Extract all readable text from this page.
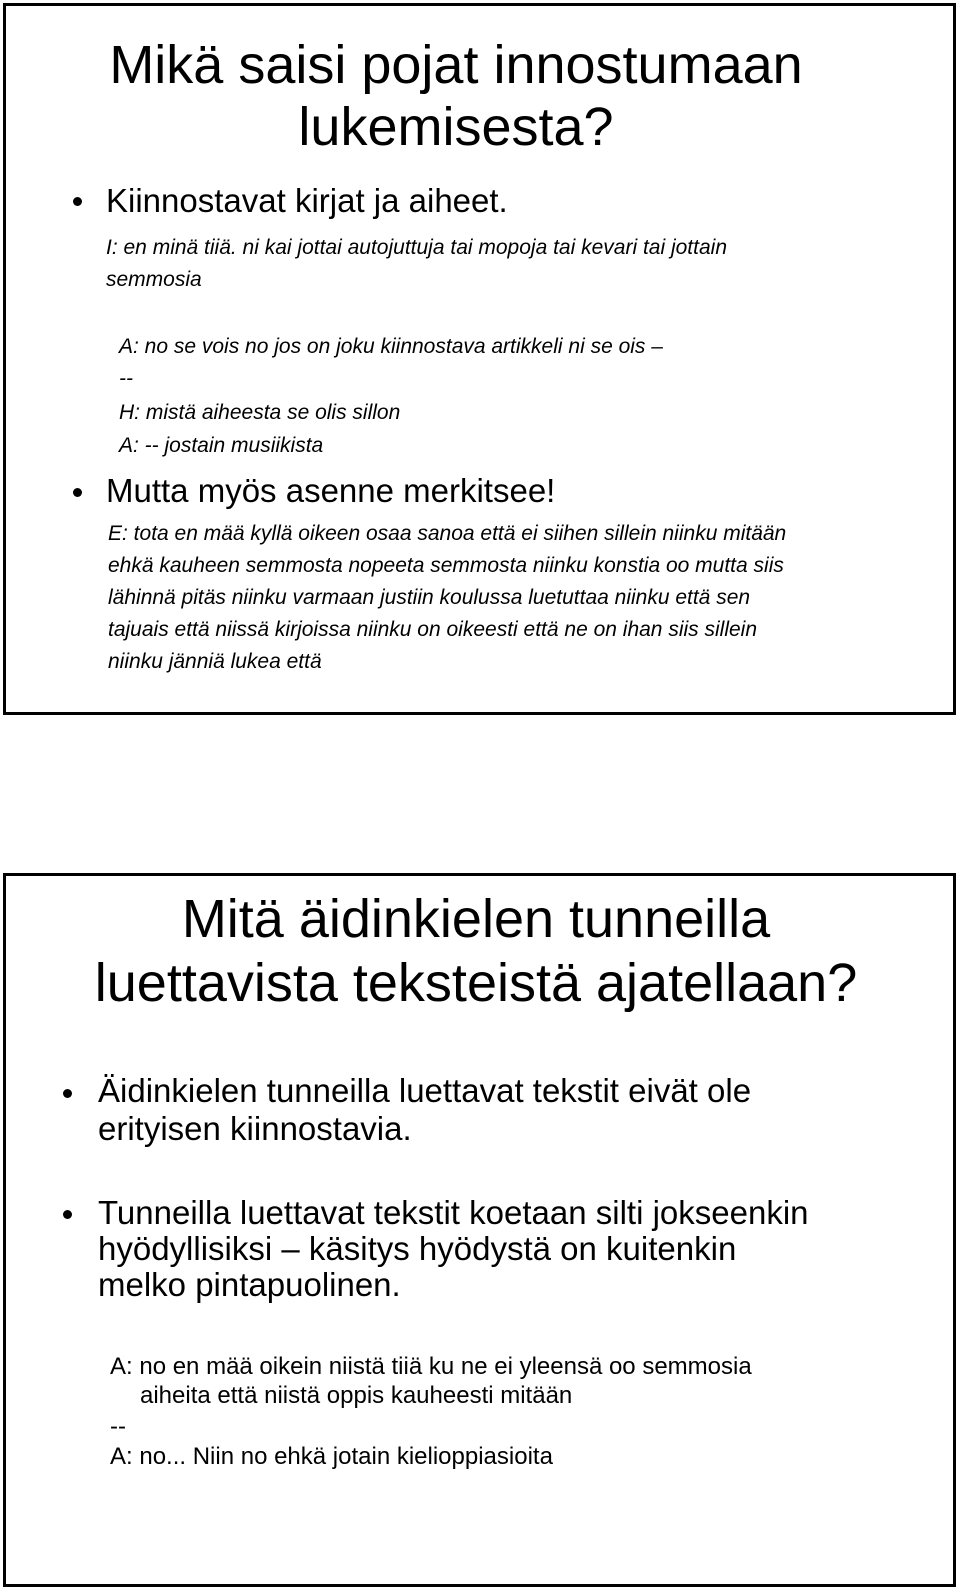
Mikä saisi pojat innostumaan
lukemisesta?
Kiinnostavat kirjat ja aiheet.
I: en minä tiiä. ni kai jottai autojuttuja tai mopoja tai kevari tai jottain
semmosia
A: no se vois no jos on joku kiinnostava artikkeli ni se ois –
--
H: mistä aiheesta se olis sillon
A: -- jostain musiikista
Mutta myös asenne merkitsee!
E: tota en mää kyllä oikeen osaa sanoa että ei siihen sillein niinku mitään
ehkä kauheen semmosta nopeeta semmosta niinku konstia oo mutta siis
lähinnä pitäs niinku varmaan justiin koulussa luetuttaa niinku että sen
tajuais että niissä kirjoissa niinku on oikeesti että ne on ihan siis sillein
niinku jänniä lukea että
Mitä äidinkielen tunneilla
luettavista teksteistä ajatellaan?
Äidinkielen tunneilla luettavat tekstit eivät ole
erityisen kiinnostavia.
Tunneilla luettavat tekstit koetaan silti jokseenkin
hyödyllisiksi – käsitys hyödystä on kuitenkin
melko pintapuolinen.
A: no en mää oikein niistä tiiä ku ne ei yleensä oo semmosia
aiheita että niistä oppis kauheesti mitään
--
A: no... Niin no ehkä jotain kielioppiasioita
